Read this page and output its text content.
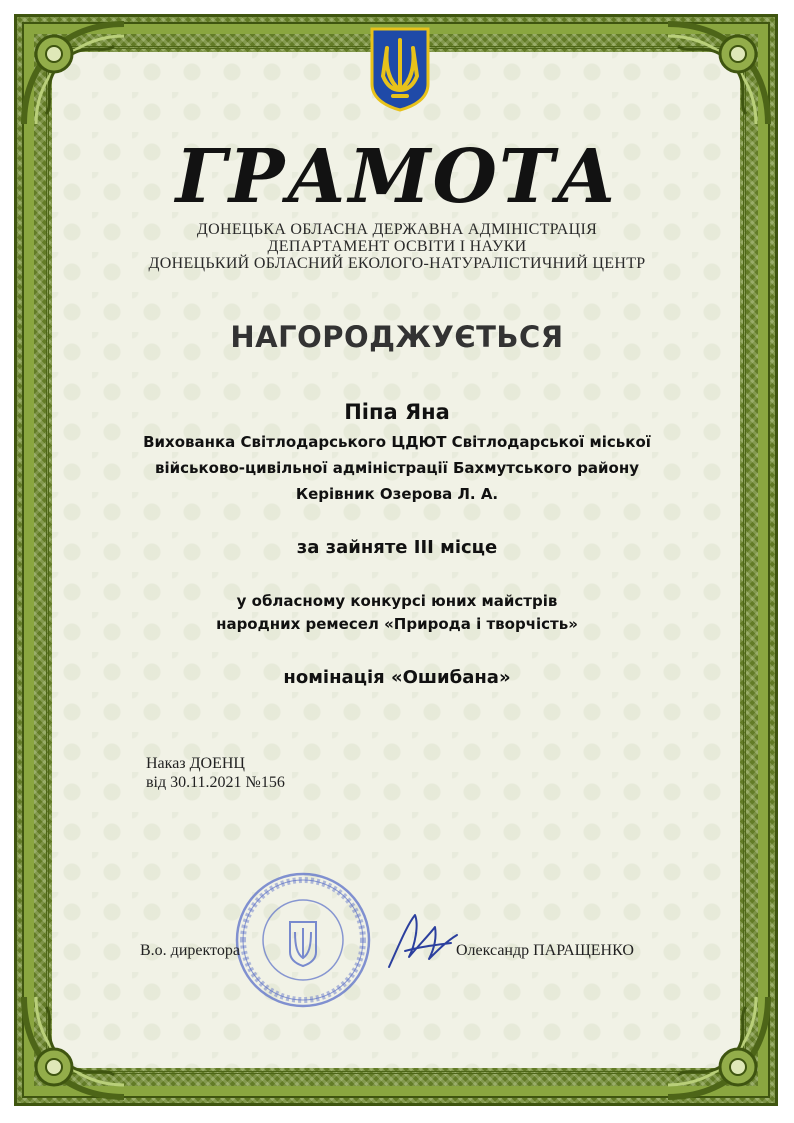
ГРАМОТА
ДОНЕЦЬКА ОБЛАСНА ДЕРЖАВНА АДМІНІСТРАЦІЯ
ДЕПАРТАМЕНТ ОСВІТИ І НАУКИ
ДОНЕЦЬКИЙ ОБЛАСНИЙ ЕКОЛОГО-НАТУРАЛІСТИЧНИЙ ЦЕНТР
НАГОРОДЖУЄТЬСЯ
Піпа Яна
Вихованка Світлодарського ЦДЮТ Світлодарської міської
військово-цивільної адміністрації Бахмутського району
Керівник Озерова Л. А.
за зайняте ІІІ місце
у обласному конкурсі юних майстрів
народних ремесел «Природа і творчість»
номінація «Ошибана»
Наказ ДОЕНЦ
від 30.11.2021 №156
В.о. директора	Олександр ПАРАЩЕНКО
